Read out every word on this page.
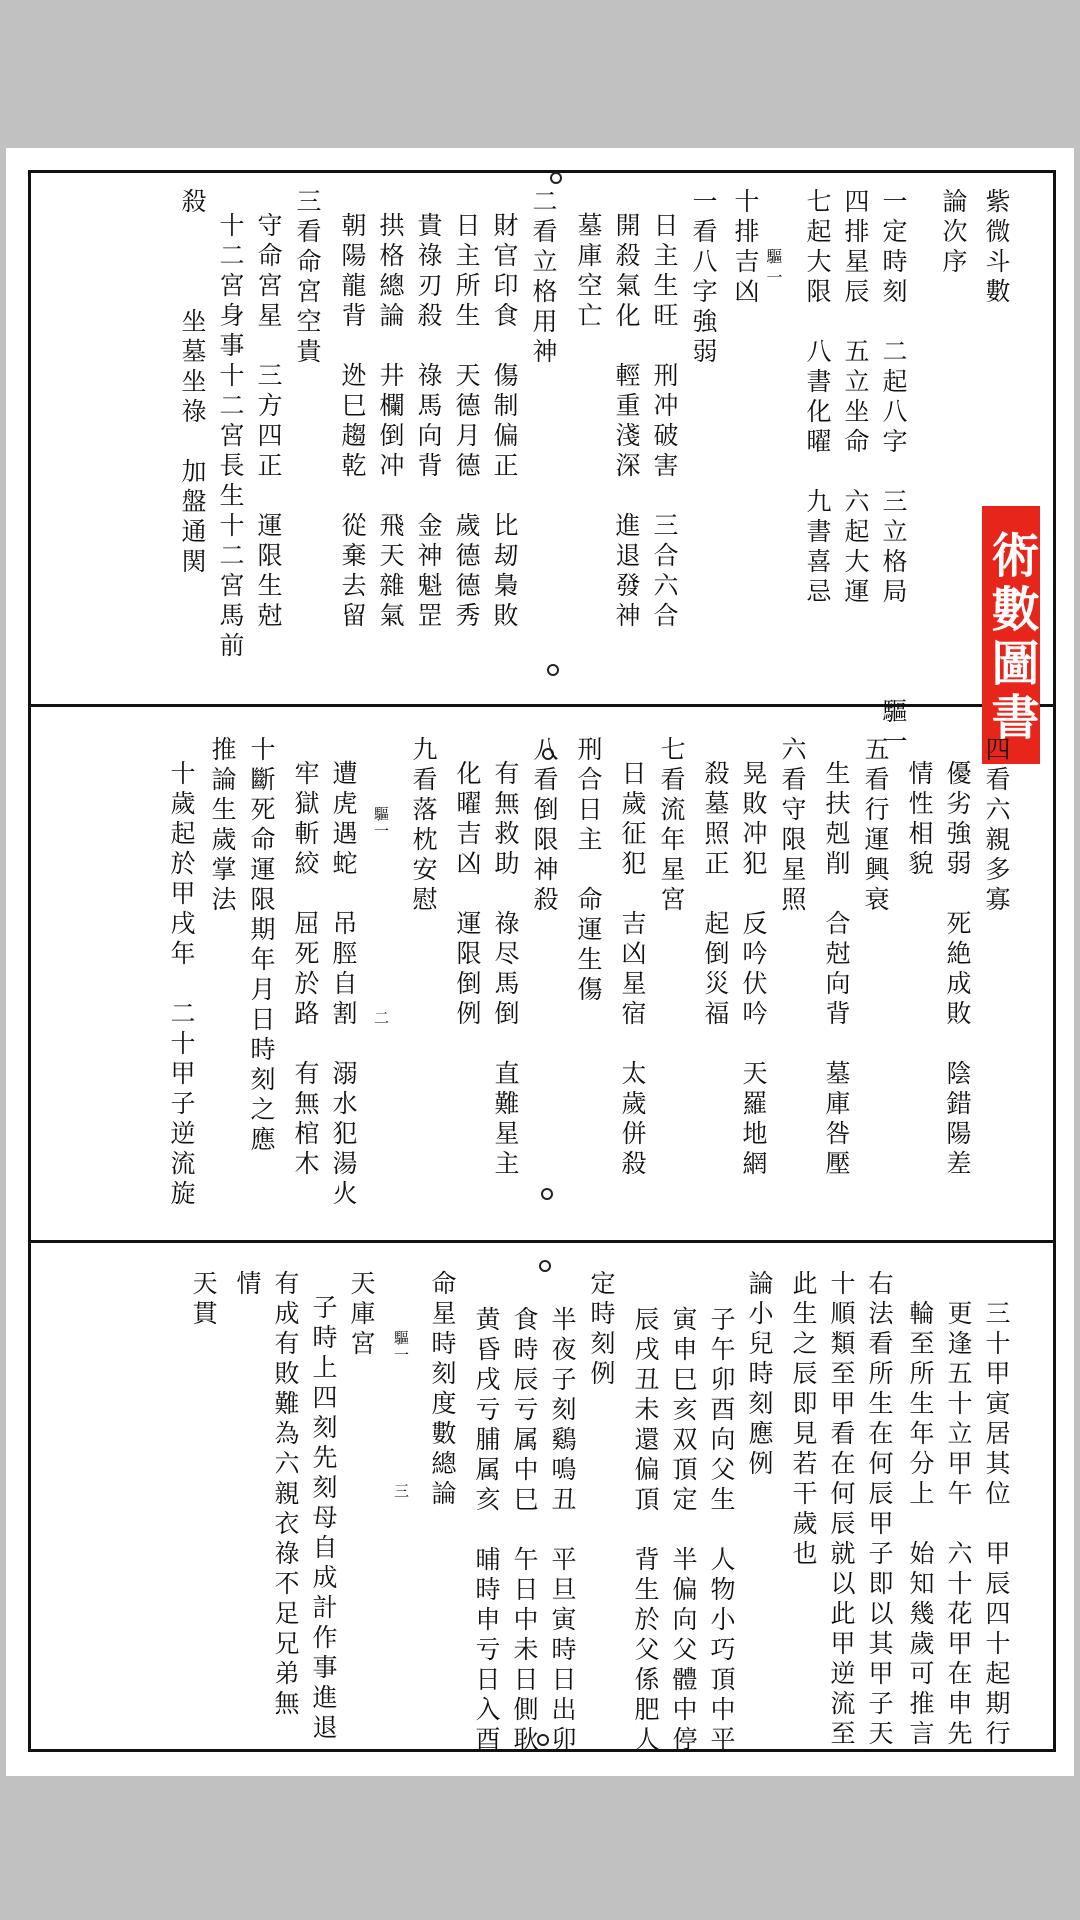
術數圖書館
紫微斗數
論次序
一定時刻　二起八字　三立格局　　　驅一
四排星辰　五立坐命　六起大運
七起大限　八書化曜　九書喜忌
驅一
十排吉凶
一看八字強弱
日主生旺　刑冲破害　三合六合
開殺氣化　輕重淺深　進退發神
墓庫空亡
二看立格用神
財官印食　傷制偏正　比刼梟敗
日主所生　天德月德　歲德德秀
貴祿刃殺　祿馬向背　金神魁罡
拱格總論　井欄倒冲　飛天雜氣
朝陽龍背　迯巳趨乾　從棄去留
三看命宮空貴
守命宮星　三方四正　運限生尅
十二宮身事十二宮長生十二宮馬前
殺　　　坐墓坐祿　加盤通関
四看六親多寡
優劣強弱　死絶成敗　陰錯陽差
情性相貌
五看行運興衰
生扶剋削　合尅向背　墓庫咎壓
六看守限星照
晃敗冲犯　反吟伏吟　天羅地網
殺墓照正　起倒災福
七看流年星宮
日歲征犯　吉凶星宿　太歲併殺
刑合日主　命運生傷
八看倒限神殺
有無救助　祿尽馬倒　直難星主
化曜吉凶　運限倒例
九看落枕安慰
驅一　　　　　　　　　　二
遭虎遇蛇　吊脛自割　溺水犯湯火
牢獄斬絞　屈死於路　有無棺木
十斷死命運限期年月日時刻之應
推論生歲掌法
十歲起於甲戌年　二十甲子逆流旋
三十甲寅居其位　甲辰四十起期行
更逢五十立甲午　六十花甲在申先
輪至所生年分上　始知幾歲可推言
右法看所生在何辰甲子即以其甲子天
十順類至甲看在何辰就以此甲逆流至
此生之辰即見若干歲也
論小兒時刻應例
子午卯酉向父生　人物小巧頂中平
寅申巳亥双頂定　半偏向父體中停
辰戌丑未還偏頂　背生於父係肥人
定時刻例
半夜子刻鷄鳴丑　平旦寅時日出卯
食時辰亏属中巳　午日中未日側耿
黄昏戌亏脯属亥　晡時申亏日入酉
命星時刻度數總論
驅一　　　　　　　三
天庫宮
子時上四刻先刻母自成計作事進退
有成有敗難為六親衣祿不足兄弟無
情
天貫
